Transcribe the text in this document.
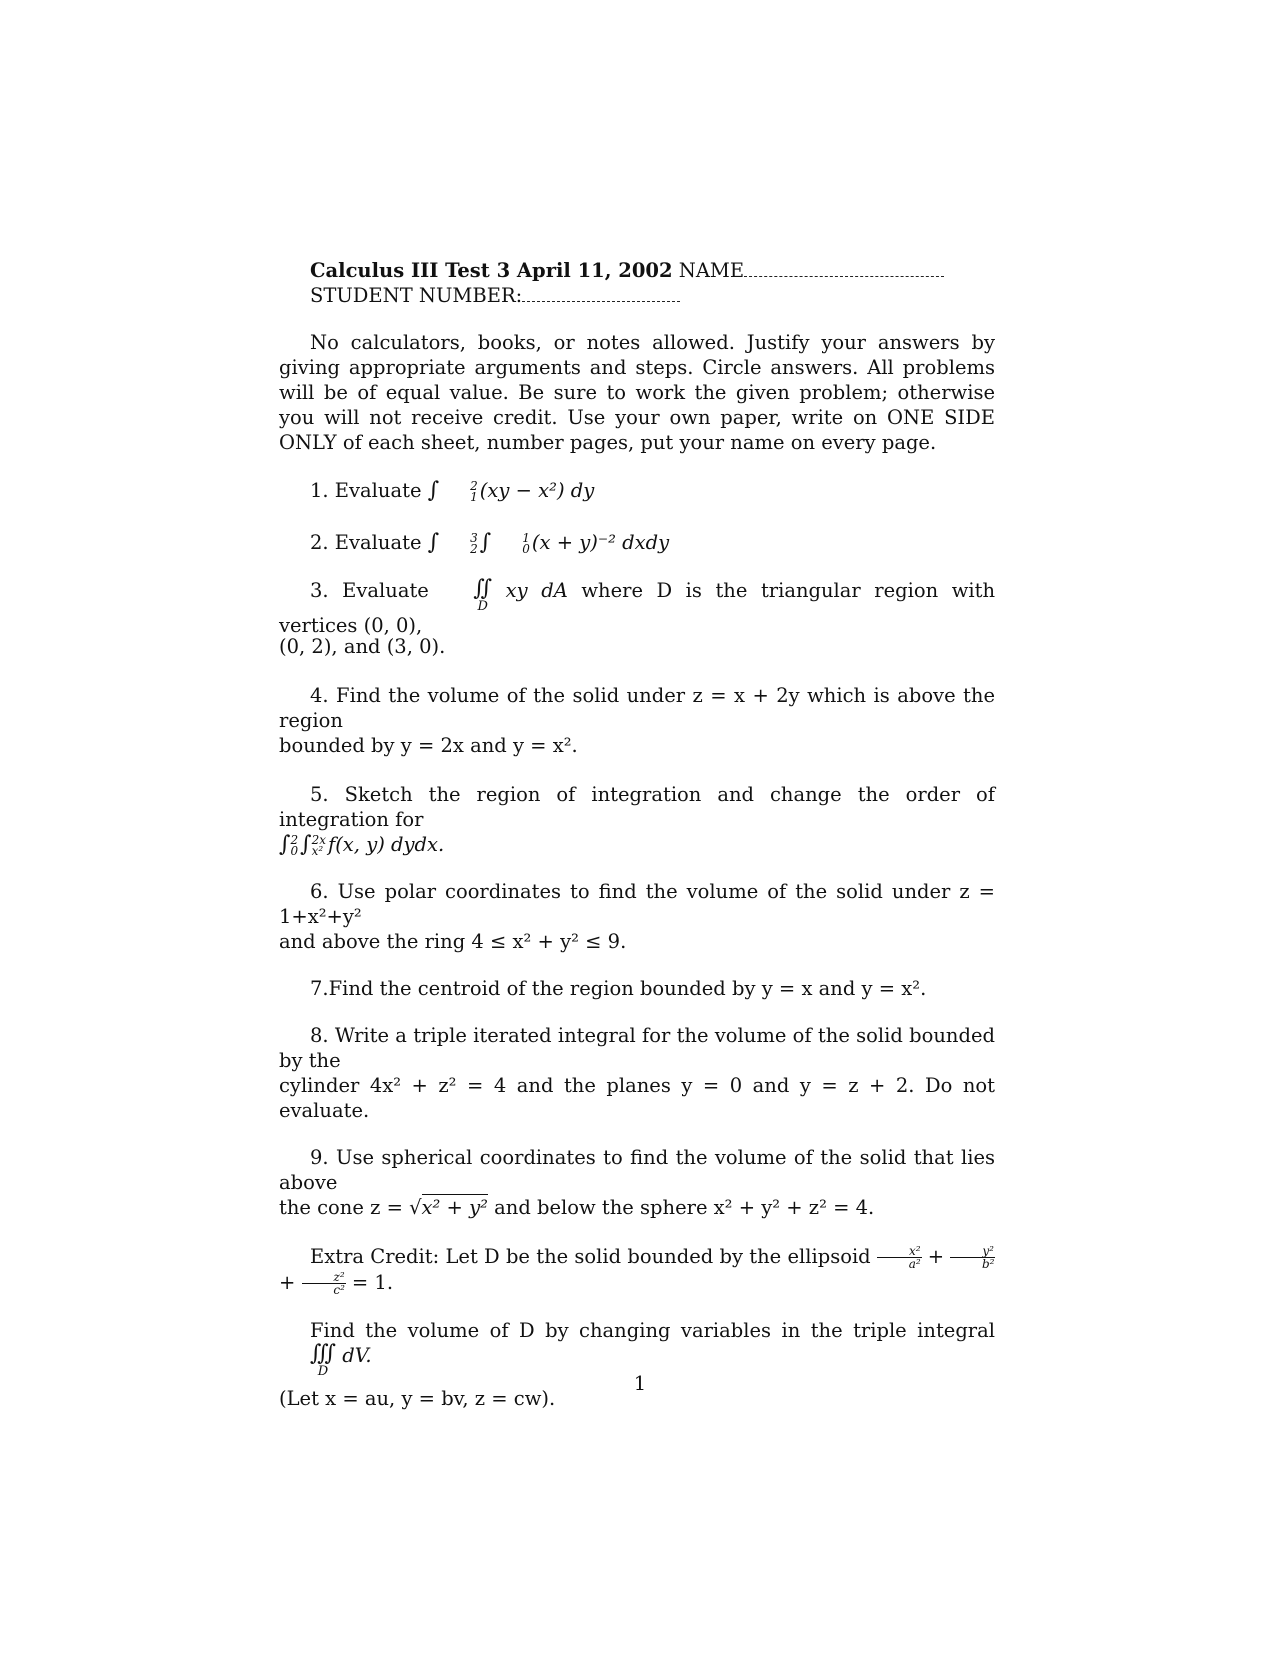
Calculus III Test 3 April 11, 2002 NAME
STUDENT NUMBER:

No calculators, books, or notes allowed. Justify your answers by giving appropriate arguments and steps. Circle answers. All problems will be of equal value. Be sure to work the given problem; otherwise you will not receive credit. Use your own paper, write on ONE SIDE ONLY of each sheet, number pages, put your name on every page.

1. Evaluate ∫	2
1 (xy − x²) dy

2. Evaluate ∫	3
2 ∫	1
0 (x + y)⁻² dxdy

3. Evaluate	∬
D
xy dA where D is the triangular region with vertices (0, 0),

(0, 2), and (3, 0).

4. Find the volume of the solid under z = x + 2y which is above the region
bounded by y = 2x and y = x².

5. Sketch the region of integration and change the order of integration for

∫ 2
0 ∫ 2x
x² f(x, y) dydx.

6. Use polar coordinates to find the volume of the solid under z = 1+x²+y²
and above the ring 4 ≤ x² + y² ≤ 9.

7.Find the centroid of the region bounded by y = x and y = x².

8. Write a triple iterated integral for the volume of the solid bounded by the
cylinder 4x² + z² = 4 and the planes y = 0 and y = z + 2. Do not evaluate.

9. Use spherical coordinates to find the volume of the solid that lies above
the cone z = √x² + y² and below the sphere x² + y² + z² = 4.

Extra Credit: Let D be the solid bounded by the ellipsoid $\frac{\text{x²}}{\text{a²}} + \frac{\text{y²}}{\text{b²}}$
+ $\frac{\text{z²}}{\text{c²}} = 1$.

Find the volume of D by changing variables in the triple integral
∭
D
dV.

(Let x = au, y = bv, z = cw).

1
